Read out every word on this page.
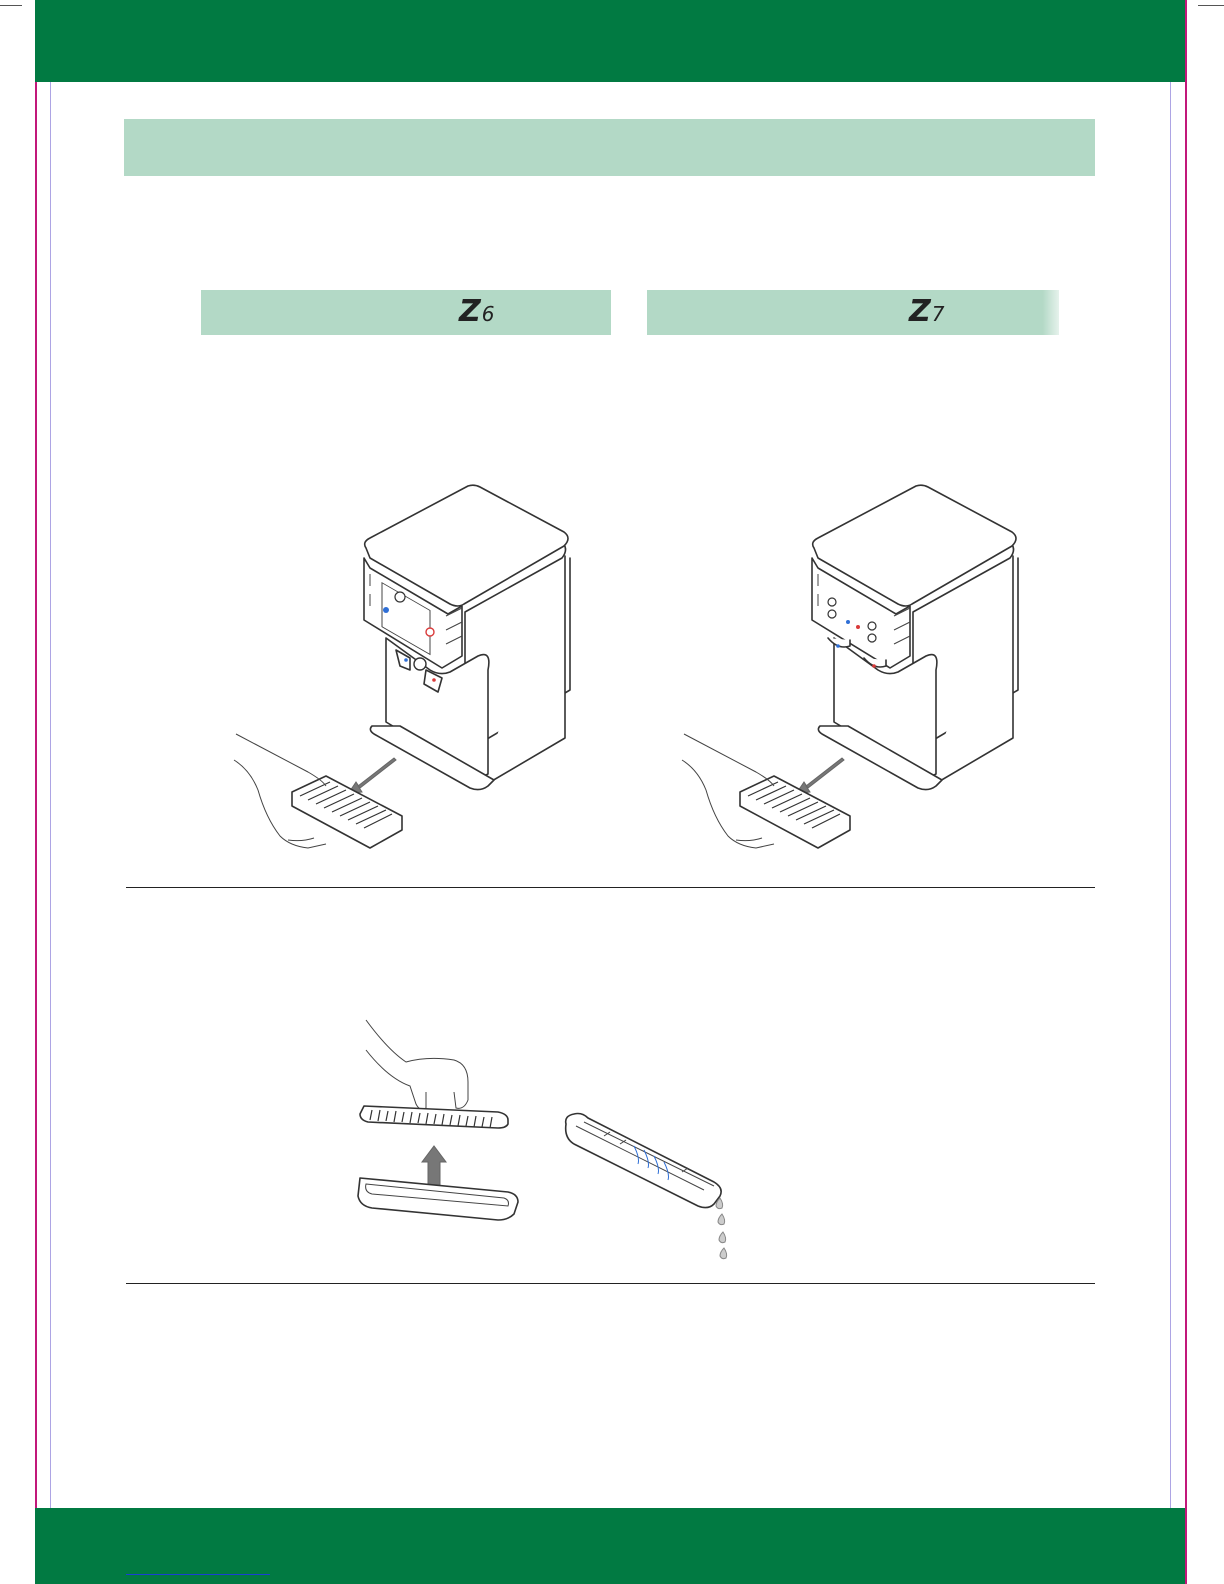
Z 6	Z 7
